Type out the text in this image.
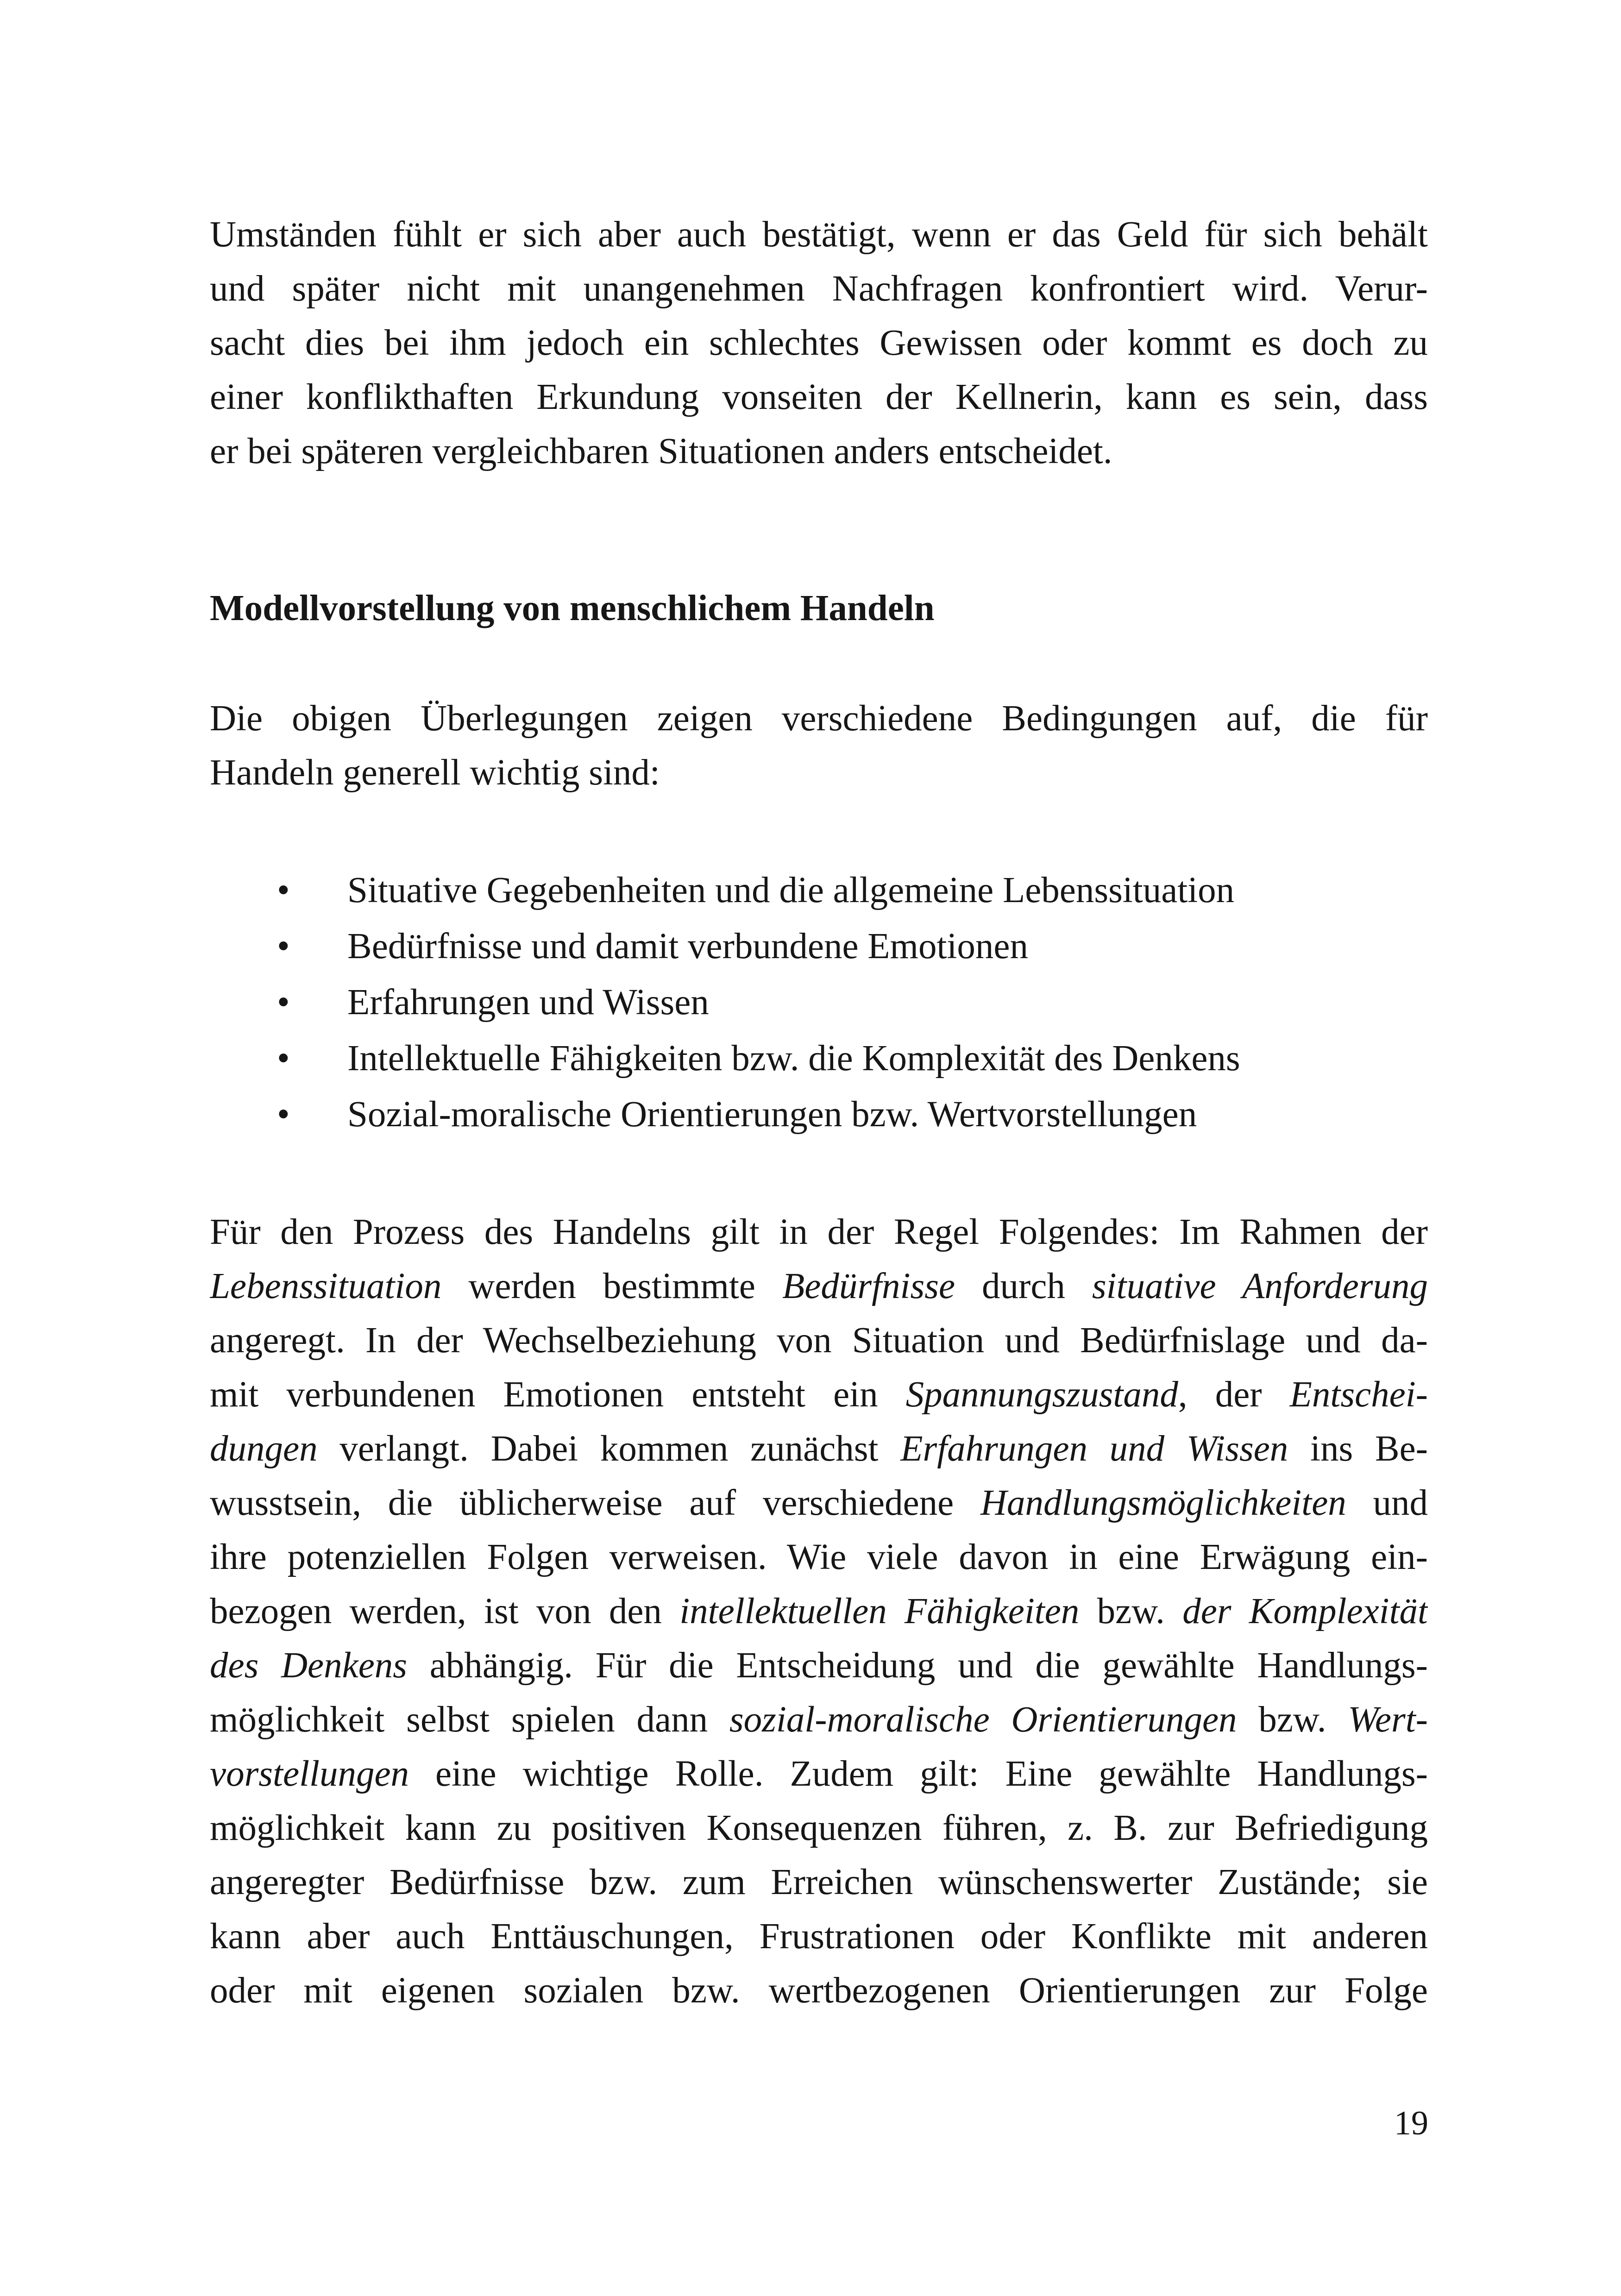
Umständen fühlt er sich aber auch bestätigt, wenn er das Geld für sich behält
und später nicht mit unangenehmen Nachfragen konfrontiert wird. Verur-
sacht dies bei ihm jedoch ein schlechtes Gewissen oder kommt es doch zu
einer konflikthaften Erkundung vonseiten der Kellnerin, kann es sein, dass
er bei späteren vergleichbaren Situationen anders entscheidet.
Modellvorstellung von menschlichem Handeln
Die obigen Überlegungen zeigen verschiedene Bedingungen auf, die für
Handeln generell wichtig sind:
• Situative Gegebenheiten und die allgemeine Lebenssituation
• Bedürfnisse und damit verbundene Emotionen
• Erfahrungen und Wissen
• Intellektuelle Fähigkeiten bzw. die Komplexität des Denkens
• Sozial-moralische Orientierungen bzw. Wertvorstellungen
Für den Prozess des Handelns gilt in der Regel Folgendes: Im Rahmen der
Lebenssituation werden bestimmte Bedürfnisse durch situative Anforderung
angeregt. In der Wechselbeziehung von Situation und Bedürfnislage und da-
mit verbundenen Emotionen entsteht ein Spannungszustand, der Entschei-
dungen verlangt. Dabei kommen zunächst Erfahrungen und Wissen ins Be-
wusstsein, die üblicherweise auf verschiedene Handlungsmöglichkeiten und
ihre potenziellen Folgen verweisen. Wie viele davon in eine Erwägung ein-
bezogen werden, ist von den intellektuellen Fähigkeiten bzw. der Komplexität
des Denkens abhängig. Für die Entscheidung und die gewählte Handlungs-
möglichkeit selbst spielen dann sozial-moralische Orientierungen bzw. Wert-
vorstellungen eine wichtige Rolle. Zudem gilt: Eine gewählte Handlungs-
möglichkeit kann zu positiven Konsequenzen führen, z. B. zur Befriedigung
angeregter Bedürfnisse bzw. zum Erreichen wünschenswerter Zustände; sie
kann aber auch Enttäuschungen, Frustrationen oder Konflikte mit anderen
oder mit eigenen sozialen bzw. wertbezogenen Orientierungen zur Folge
19
